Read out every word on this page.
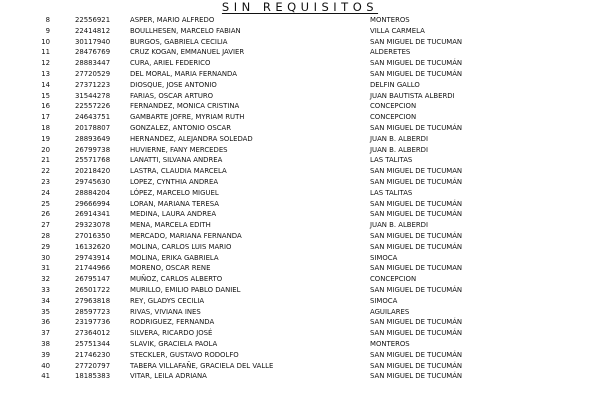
SIN REQUISITOS
8	22556921	ASPER, MARIO ALFREDO	MONTEROS
9	22414812	BOULLHESEN, MARCELO FABIAN	VILLA CARMELA
10	30117940	BURGOS, GABRIELA CECILIA	SAN MIGUEL DE TUCUMAN
11	28476769	CRUZ KOGAN, EMMANUEL JAVIER	ALDERETES
12	28883447	CURA, ARIEL FEDERICO	SAN MIGUEL DE TUCUMÁN
13	27720529	DEL MORAL, MARIA FERNANDA	SAN MIGUEL DE TUCUMÁN
14	27371223	DIOSQUE, JOSE ANTONIO	DELFIN GALLO
15	31544278	FARIAS, OSCAR ARTURO	JUAN BAUTISTA ALBERDI
16	22557226	FERNANDEZ, MONICA CRISTINA	CONCEPCION
17	24643751	GAMBARTE JOFRE, MYRIAM RUTH	CONCEPCION
18	20178807	GONZALEZ, ANTONIO OSCAR	SAN MIGUEL DE TUCUMÁN
19	28893649	HERNANDEZ, ALEJANDRA SOLEDAD	JUAN B. ALBERDI
20	26799738	HUVIERNE, FANY MERCEDES	JUAN B. ALBERDI
21	25571768	LANATTI, SILVANA ANDREA	LAS TALITAS
22	20218420	LASTRA, CLAUDIA MARCELA	SAN MIGUEL DE TUCUMAN
23	29745630	LOPEZ, CYNTHIA ANDREA	SAN MIGUEL DE TUCUMÁN
24	28884204	LÓPEZ, MARCELO MIGUEL	LAS TALITAS
25	29666994	LORAN, MARIANA TERESA	SAN MIGUEL DE TUCUMÁN
26	26914341	MEDINA, LAURA ANDREA	SAN MIGUEL DE TUCUMÁN
27	29323078	MENA, MARCELA EDITH	JUAN B. ALBERDI
28	27016350	MERCADO, MARIANA FERNANDA	SAN MIGUEL DE TUCUMÁN
29	16132620	MOLINA, CARLOS LUIS MARIO	SAN MIGUEL DE TUCUMÁN
30	29743914	MOLINA, ERIKA GABRIELA	SIMOCA
31	21744966	MORENO, OSCAR RENE	SAN MIGUEL DE TUCUMAN
32	26795147	MUÑOZ, CARLOS ALBERTO	CONCEPCION
33	26501722	MURILLO, EMILIO PABLO DANIEL	SAN MIGUEL DE TUCUMÁN
34	27963818	REY, GLADYS CECILIA	SIMOCA
35	28597723	RIVAS, VIVIANA INES	AGUILARES
36	23197736	RODRIGUEZ, FERNANDA	SAN MIGUEL DE TUCUMÁN
37	27364012	SILVERA, RICARDO JOSÉ	SAN MIGUEL DE TUCUMÁN
38	25751344	SLAVIK, GRACIELA PAOLA	MONTEROS
39	21746230	STECKLER, GUSTAVO RODOLFO	SAN MIGUEL DE TUCUMÁN
40	27720797	TABERA VILLAFAÑE, GRACIELA DEL VALLE	SAN MIGUEL DE TUCUMÁN
41	18185383	VITAR, LEILA ADRIANA	SAN MIGUEL DE TUCUMÁN
